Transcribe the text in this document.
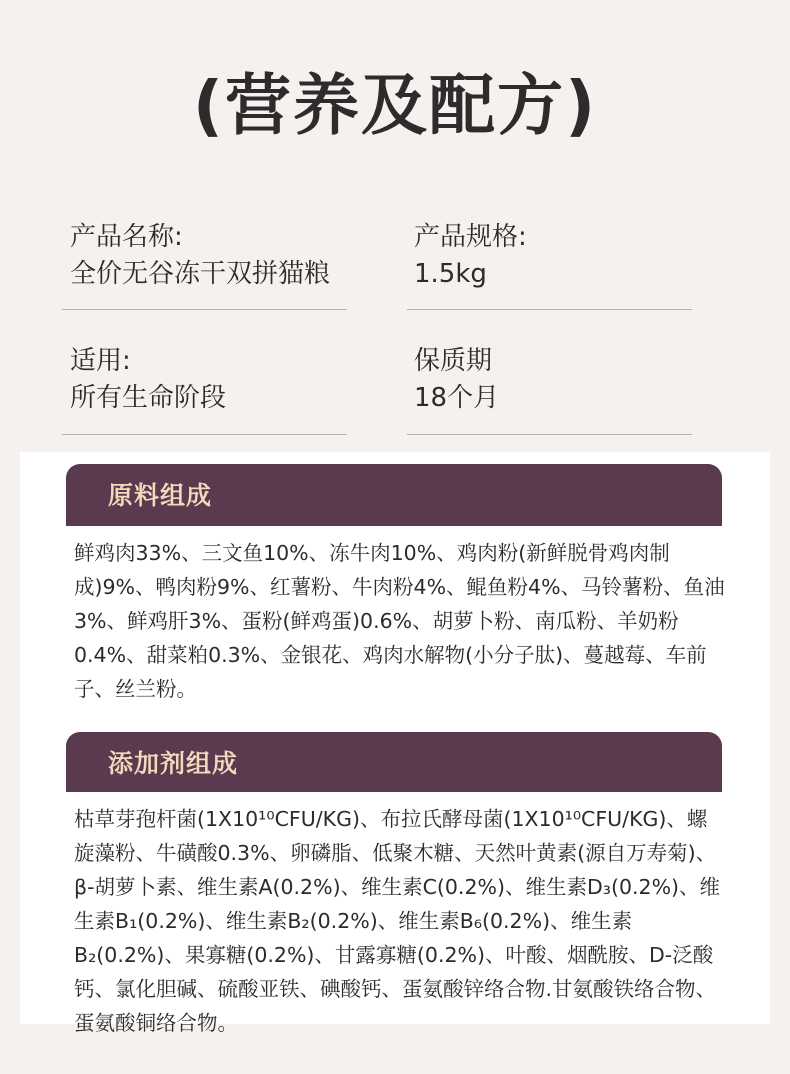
(营养及配方)
产品名称:
全价无谷冻干双拼猫粮
产品规格:
1.5kg
适用:
所有生命阶段
保质期
18个月
原料组成

鲜鸡肉33%、三文鱼10%、冻牛肉10%、鸡肉粉(新鲜脱骨鸡肉制成)9%、鸭肉粉9%、红薯粉、牛肉粉4%、鲲鱼粉4%、马铃薯粉、鱼油3%、鲜鸡肝3%、蛋粉(鲜鸡蛋)0.6%、胡萝卜粉、南瓜粉、羊奶粉0.4%、甜菜粕0.3%、金银花、鸡肉水解物(小分子肽)、蔓越莓、车前子、丝兰粉。

添加剂组成

枯草芽孢杆菌(1X10¹⁰CFU/KG)、布拉氏酵母菌(1X10¹⁰CFU/KG)、螺旋藻粉、牛磺酸0.3%、卵磷脂、低聚木糖、天然叶黄素(源自万寿菊)、β-胡萝卜素、维生素A(0.2%)、维生素C(0.2%)、维生素D₃(0.2%)、维生素B₁(0.2%)、维生素B₂(0.2%)、维生素B₆(0.2%)、维生素B₂(0.2%)、果寡糖(0.2%)、甘露寡糖(0.2%)、叶酸、烟酰胺、D-泛酸钙、氯化胆碱、硫酸亚铁、碘酸钙、蛋氨酸锌络合物.甘氨酸铁络合物、蛋氨酸铜络合物。
